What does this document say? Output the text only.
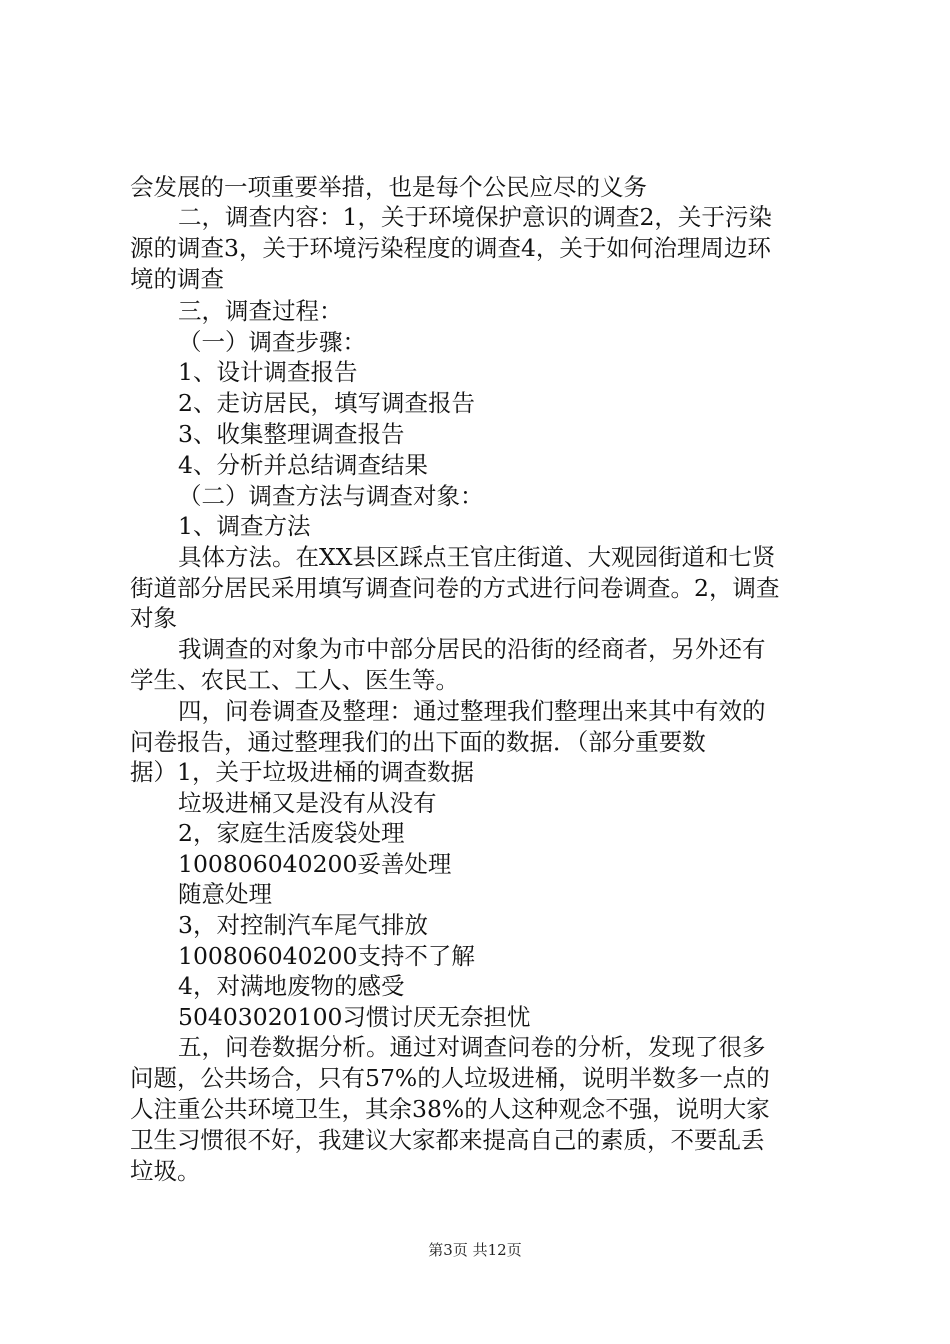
会发展的一项重要举措，也是每个公民应尽的义务
二，调查内容：1，关于环境保护意识的调查2，关于污染
源的调查3，关于环境污染程度的调查4，关于如何治理周边环
境的调查
三，调查过程：
（一）调查步骤：
1、设计调查报告
2、走访居民，填写调查报告
3、收集整理调查报告
4、分析并总结调查结果
（二）调查方法与调查对象：
1、调查方法
具体方法。在XX县区踩点王官庄街道、大观园街道和七贤
街道部分居民采用填写调查问卷的方式进行问卷调查。2，调查
对象
我调查的对象为市中部分居民的沿街的经商者，另外还有
学生、农民工、工人、医生等。
四，问卷调查及整理：通过整理我们整理出来其中有效的
问卷报告，通过整理我们的出下面的数据．（部分重要数
据）1，关于垃圾进桶的调查数据
垃圾进桶又是没有从没有
2，家庭生活废袋处理
100806040200妥善处理
随意处理
3，对控制汽车尾气排放
100806040200支持不了解
4，对满地废物的感受
50403020100习惯讨厌无奈担忧
五，问卷数据分析。通过对调查问卷的分析，发现了很多
问题，公共场合，只有57%的人垃圾进桶，说明半数多一点的
人注重公共环境卫生，其余38%的人这种观念不强，说明大家
卫生习惯很不好，我建议大家都来提高自己的素质，不要乱丢
垃圾。
第3页 共12页
